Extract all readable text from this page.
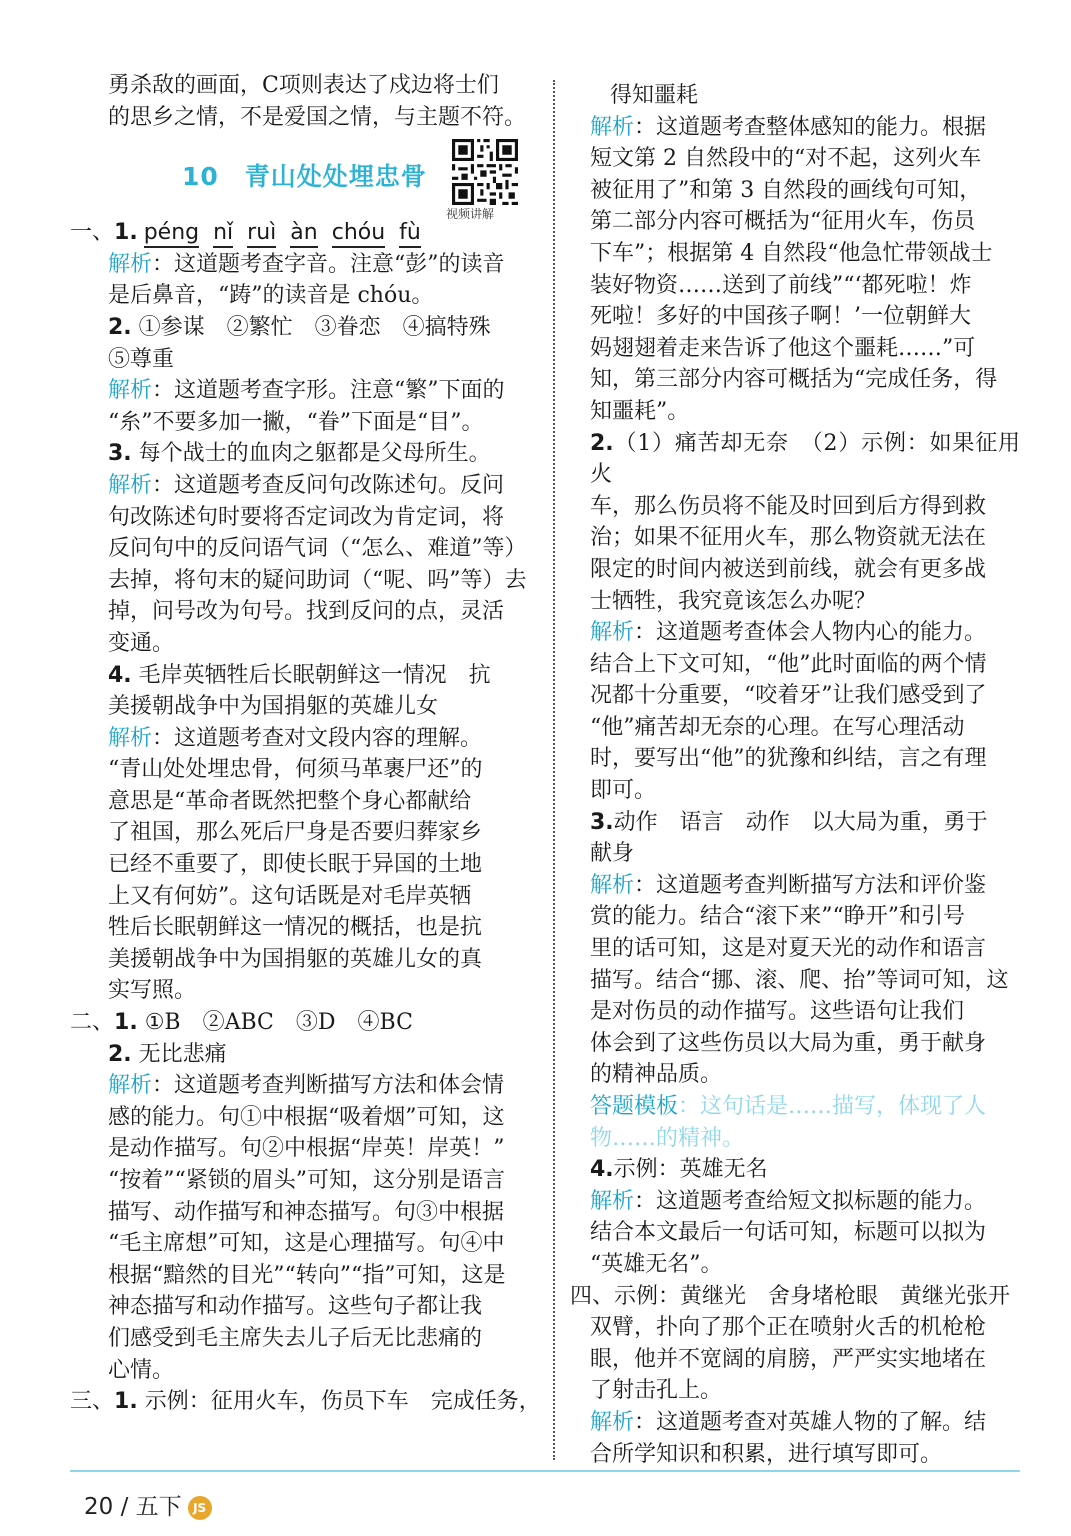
勇杀敌的画面，C项则表达了戍边将士们

的思乡之情，不是爱国之情，与主题不符。

10 青山处处埋忠骨
视频讲解

一、1. péng nǐ ruì àn chóu fù

解析：这道题考查字音。注意“彭”的读音

是后鼻音，“踌”的读音是 chóu。

2. ①参谋　②繁忙　③眷恋　④搞特殊

⑤尊重

解析：这道题考查字形。注意“繁”下面的

“糸”不要多加一撇，“眷”下面是“目”。

3. 每个战士的血肉之躯都是父母所生。

解析：这道题考查反问句改陈述句。反问

句改陈述句时要将否定词改为肯定词，将

反问句中的反问语气词（“怎么、难道”等）

去掉，将句末的疑问助词（“呢、吗”等）去

掉，问号改为句号。找到反问的点，灵活

变通。

4. 毛岸英牺牲后长眠朝鲜这一情况　抗

美援朝战争中为国捐躯的英雄儿女

解析：这道题考查对文段内容的理解。

“青山处处埋忠骨，何须马革裹尸还”的

意思是“革命者既然把整个身心都献给

了祖国，那么死后尸身是否要归葬家乡

已经不重要了，即使长眠于异国的土地

上又有何妨”。这句话既是对毛岸英牺

牲后长眠朝鲜这一情况的概括，也是抗

美援朝战争中为国捐躯的英雄儿女的真

实写照。

二、1. ①B　②ABC　③D　④BC

2. 无比悲痛

解析：这道题考查判断描写方法和体会情

感的能力。句①中根据“吸着烟”可知，这

是动作描写。句②中根据“岸英！岸英！”

“按着”“紧锁的眉头”可知，这分别是语言

描写、动作描写和神态描写。句③中根据

“毛主席想”可知，这是心理描写。句④中

根据“黯然的目光”“转向”“指”可知，这是

神态描写和动作描写。这些句子都让我

们感受到毛主席失去儿子后无比悲痛的

心情。

三、1. 示例：征用火车，伤员下车　完成任务，

得知噩耗

解析：这道题考查整体感知的能力。根据

短文第 2 自然段中的“对不起，这列火车

被征用了”和第 3 自然段的画线句可知，

第二部分内容可概括为“征用火车，伤员

下车”；根据第 4 自然段“他急忙带领战士

装好物资……送到了前线”“‘都死啦！炸

死啦！多好的中国孩子啊！’一位朝鲜大

妈翅翅着走来告诉了他这个噩耗……”可

知，第三部分内容可概括为“完成任务，得

知噩耗”。

2.（1）痛苦却无奈　（2）示例：如果征用火

车，那么伤员将不能及时回到后方得到救

治；如果不征用火车，那么物资就无法在

限定的时间内被送到前线，就会有更多战

士牺牲，我究竟该怎么办呢？

解析：这道题考查体会人物内心的能力。

结合上下文可知，“他”此时面临的两个情

况都十分重要，“咬着牙”让我们感受到了

“他”痛苦却无奈的心理。在写心理活动

时，要写出“他”的犹豫和纠结，言之有理

即可。

3.动作　语言　动作　以大局为重，勇于

献身

解析：这道题考查判断描写方法和评价鉴

赏的能力。结合“滚下来”“睁开”和引号

里的话可知，这是对夏天光的动作和语言

描写。结合“挪、滚、爬、抬”等词可知，这

是对伤员的动作描写。这些语句让我们

体会到了这些伤员以大局为重，勇于献身

的精神品质。

答题模板：这句话是……描写，体现了人

物……的精神。

4.示例：英雄无名

解析：这道题考查给短文拟标题的能力。

结合本文最后一句话可知，标题可以拟为

“英雄无名”。

四、示例：黄继光　舍身堵枪眼　黄继光张开

双臂，扑向了那个正在喷射火舌的机枪枪

眼，他并不宽阔的肩膀，严严实实地堵在

了射击孔上。

解析：这道题考查对英雄人物的了解。结

合所学知识和积累，进行填写即可。

20 / 五下 JS
